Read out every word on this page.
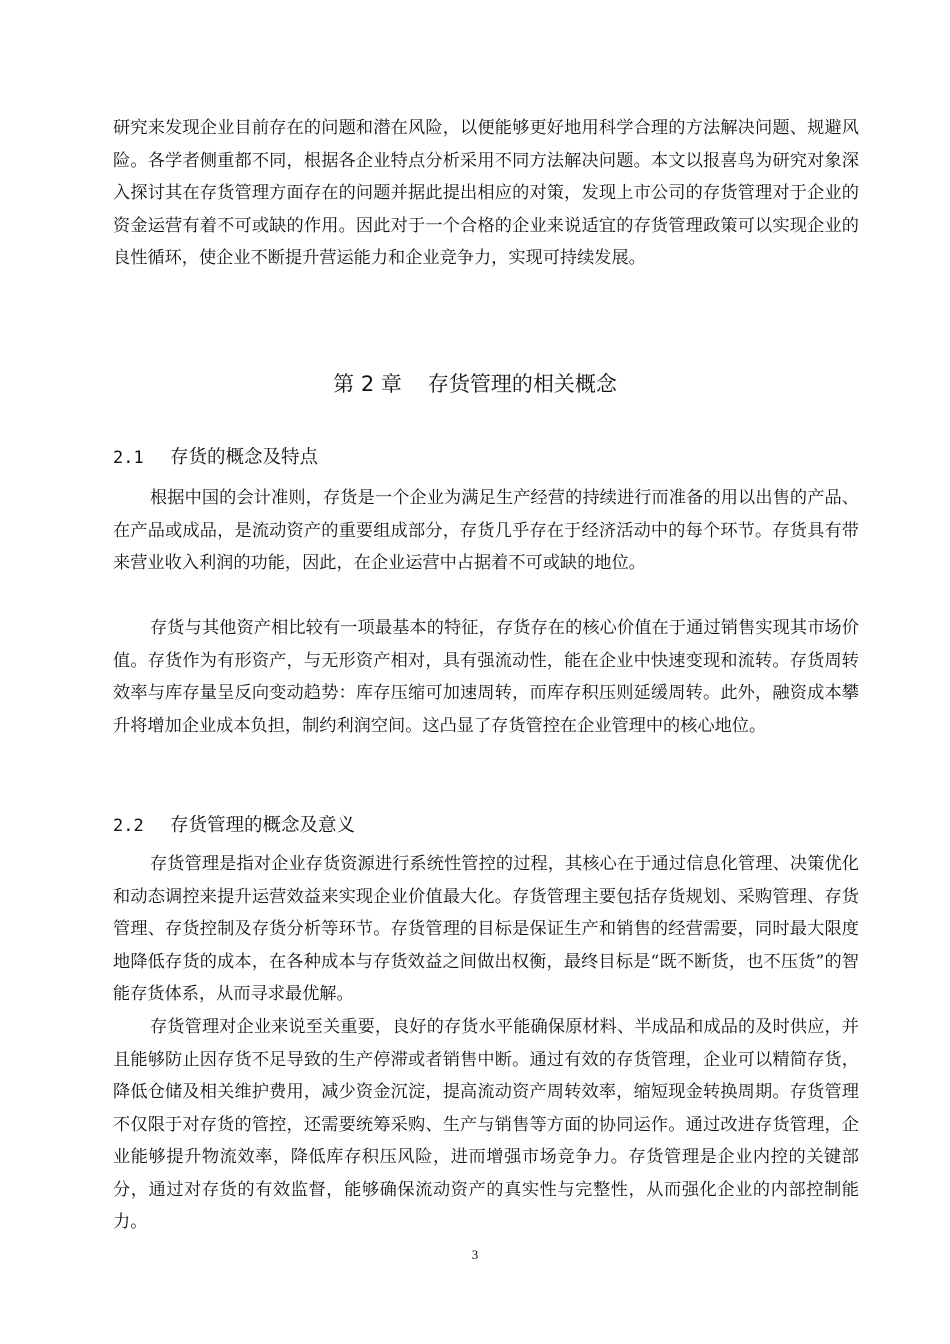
研究来发现企业目前存在的问题和潜在风险，以便能够更好地用科学合理的方法解决问题、规避风险。各学者侧重都不同，根据各企业特点分析采用不同方法解决问题。本文以报喜鸟为研究对象深入探讨其在存货管理方面存在的问题并据此提出相应的对策，发现上市公司的存货管理对于企业的资金运营有着不可或缺的作用。因此对于一个合格的企业来说适宜的存货管理政策可以实现企业的良性循环，使企业不断提升营运能力和企业竞争力，实现可持续发展。

第 2 章 存货管理的相关概念
2.1 存货的概念及特点

根据中国的会计准则，存货是一个企业为满足生产经营的持续进行而准备的用以出售的产品、在产品或成品，是流动资产的重要组成部分，存货几乎存在于经济活动中的每个环节。存货具有带来营业收入利润的功能，因此，在企业运营中占据着不可或缺的地位。

存货与其他资产相比较有一项最基本的特征，存货存在的核心价值在于通过销售实现其市场价值。存货作为有形资产，与无形资产相对，具有强流动性，能在企业中快速变现和流转。存货周转效率与库存量呈反向变动趋势：库存压缩可加速周转，而库存积压则延缓周转。此外，融资成本攀升将增加企业成本负担，制约利润空间。这凸显了存货管控在企业管理中的核心地位。

2.2 存货管理的概念及意义

存货管理是指对企业存货资源进行系统性管控的过程，其核心在于通过信息化管理、决策优化和动态调控来提升运营效益来实现企业价值最大化。存货管理主要包括存货规划、采购管理、存货管理、存货控制及存货分析等环节。存货管理的目标是保证生产和销售的经营需要，同时最大限度地降低存货的成本，在各种成本与存货效益之间做出权衡，最终目标是“既不断货，也不压货”的智能存货体系，从而寻求最优解。

存货管理对企业来说至关重要，良好的存货水平能确保原材料、半成品和成品的及时供应，并且能够防止因存货不足导致的生产停滞或者销售中断。通过有效的存货管理，企业可以精简存货，降低仓储及相关维护费用，减少资金沉淀，提高流动资产周转效率，缩短现金转换周期。存货管理不仅限于对存货的管控，还需要统筹采购、生产与销售等方面的协同运作。通过改进存货管理，企业能够提升物流效率，降低库存积压风险，进而增强市场竞争力。存货管理是企业内控的关键部分，通过对存货的有效监督，能够确保流动资产的真实性与完整性，从而强化企业的内部控制能力。

3
